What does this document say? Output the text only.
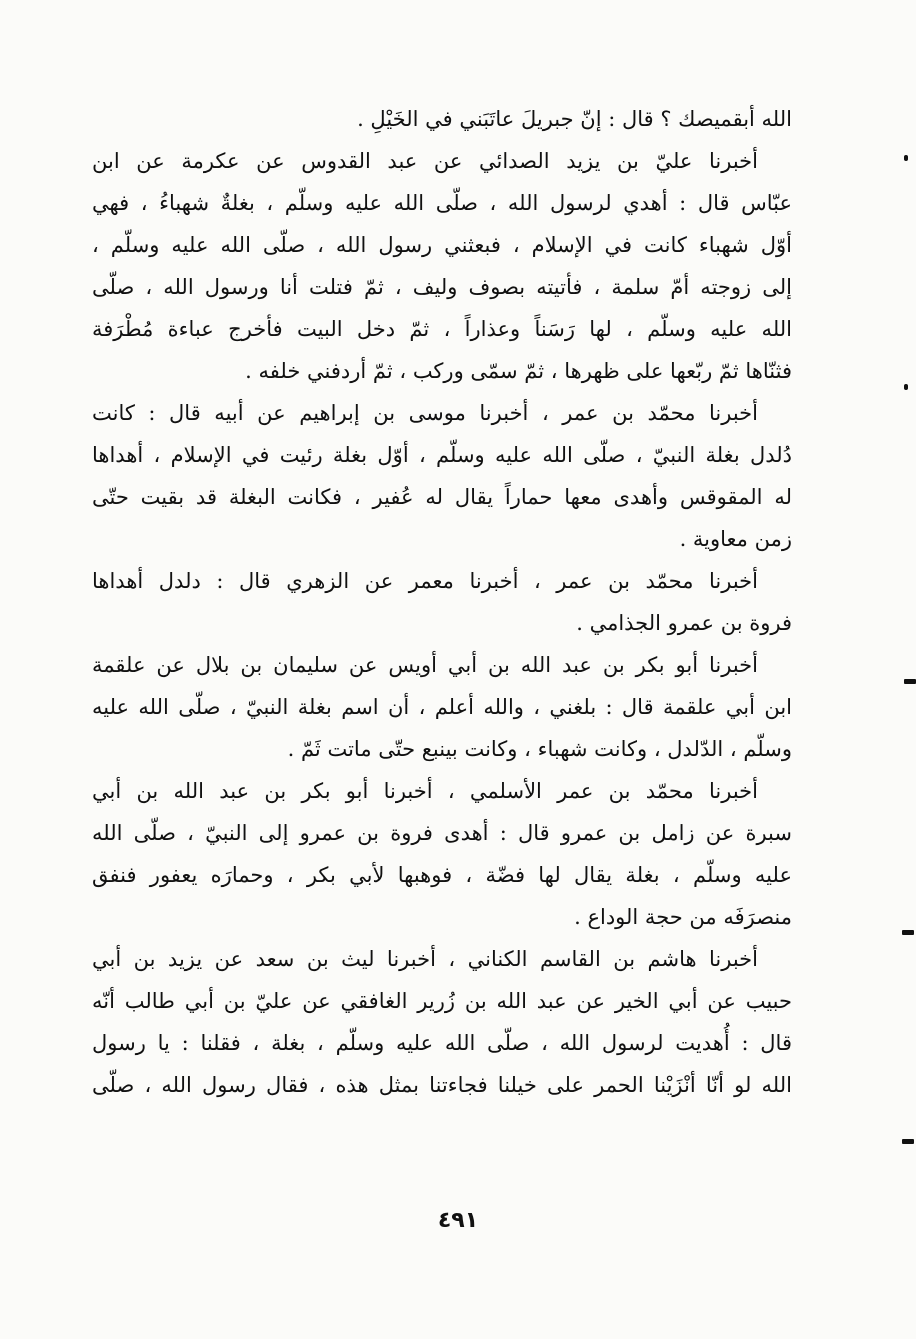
الله أبقميصك ؟ قال : إنّ جبريلَ عاتَبَني في الخَيْلِ .
أخبرنا عليّ بن يزيد الصدائي عن عبد القدوس عن عكرمة عن ابن
عبّاس قال : أهدي لرسول الله ، صلّى الله عليه وسلّم ، بغلةٌ شهباءُ ، فهي
أوّل شهباء كانت في الإسلام ، فبعثني رسول الله ، صلّى الله عليه وسلّم ،
إلى زوجته أمّ سلمة ، فأتيته بصوف وليف ، ثمّ فتلت أنا ورسول الله ، صلّى
الله عليه وسلّم ، لها رَسَناً وعذاراً ، ثمّ دخل البيت فأخرج عباءة مُطْرَفة
فثنّاها ثمّ ربّعها على ظهرها ، ثمّ سمّى وركب ، ثمّ أردفني خلفه .
أخبرنا محمّد بن عمر ، أخبرنا موسى بن إبراهيم عن أبيه قال : كانت
دُلدل بغلة النبيّ ، صلّى الله عليه وسلّم ، أوّل بغلة رئيت في الإسلام ، أهداها
له المقوقس وأهدى معها حماراً يقال له عُفير ، فكانت البغلة قد بقيت حتّى
زمن معاوية .
أخبرنا محمّد بن عمر ، أخبرنا معمر عن الزهري قال : دلدل أهداها
فروة بن عمرو الجذامي .
أخبرنا أبو بكر بن عبد الله بن أبي أويس عن سليمان بن بلال عن علقمة
ابن أبي علقمة قال : بلغني ، والله أعلم ، أن اسم بغلة النبيّ ، صلّى الله عليه
وسلّم ، الدّلدل ، وكانت شهباء ، وكانت بينبع حتّى ماتت ثَمّ .
أخبرنا محمّد بن عمر الأسلمي ، أخبرنا أبو بكر بن عبد الله بن أبي
سبرة عن زامل بن عمرو قال : أهدى فروة بن عمرو إلى النبيّ ، صلّى الله
عليه وسلّم ، بغلة يقال لها فضّة ، فوهبها لأبي بكر ، وحمارَه يعفور فنفق
منصرَفَه من حجة الوداع .
أخبرنا هاشم بن القاسم الكناني ، أخبرنا ليث بن سعد عن يزيد بن أبي
حبيب عن أبي الخير عن عبد الله بن زُرير الغافقي عن عليّ بن أبي طالب أنّه
قال : أُهديت لرسول الله ، صلّى الله عليه وسلّم ، بغلة ، فقلنا : يا رسول
الله لو أنّا أنْزَيْنا الحمر على خيلنا فجاءتنا بمثل هذه ، فقال رسول الله ، صلّى
٤٩١
